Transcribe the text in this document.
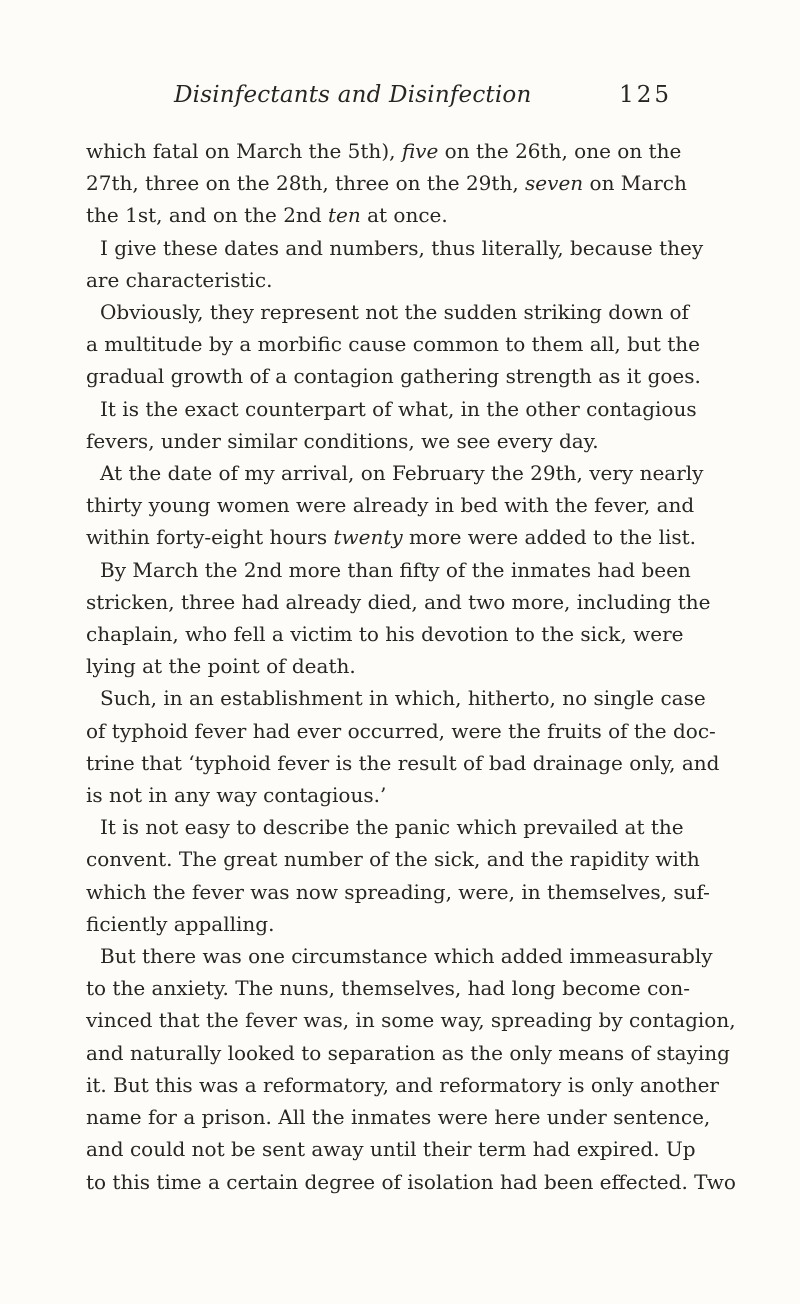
Disinfectants and Disinfection	125

which fatal on March the 5th), five on the 26th, one on the
27th, three on the 28th, three on the 29th, seven on March
the 1st, and on the 2nd ten at once.

I give these dates and numbers, thus literally, because they
are characteristic.

Obviously, they represent not the sudden striking down of
a multitude by a morbific cause common to them all, but the
gradual growth of a contagion gathering strength as it goes.

It is the exact counterpart of what, in the other contagious
fevers, under similar conditions, we see every day.

At the date of my arrival, on February the 29th, very nearly
thirty young women were already in bed with the fever, and
within forty-eight hours twenty more were added to the list.

By March the 2nd more than fifty of the inmates had been
stricken, three had already died, and two more, including the
chaplain, who fell a victim to his devotion to the sick, were
lying at the point of death.

Such, in an establishment in which, hitherto, no single case
of typhoid fever had ever occurred, were the fruits of the doc-
trine that ‘typhoid fever is the result of bad drainage only, and
is not in any way contagious.’

It is not easy to describe the panic which prevailed at the
convent. The great number of the sick, and the rapidity with
which the fever was now spreading, were, in themselves, suf-
ficiently appalling.

But there was one circumstance which added immeasurably
to the anxiety. The nuns, themselves, had long become con-
vinced that the fever was, in some way, spreading by contagion,
and naturally looked to separation as the only means of staying
it. But this was a reformatory, and reformatory is only another
name for a prison. All the inmates were here under sentence,
and could not be sent away until their term had expired. Up
to this time a certain degree of isolation had been effected. Two
